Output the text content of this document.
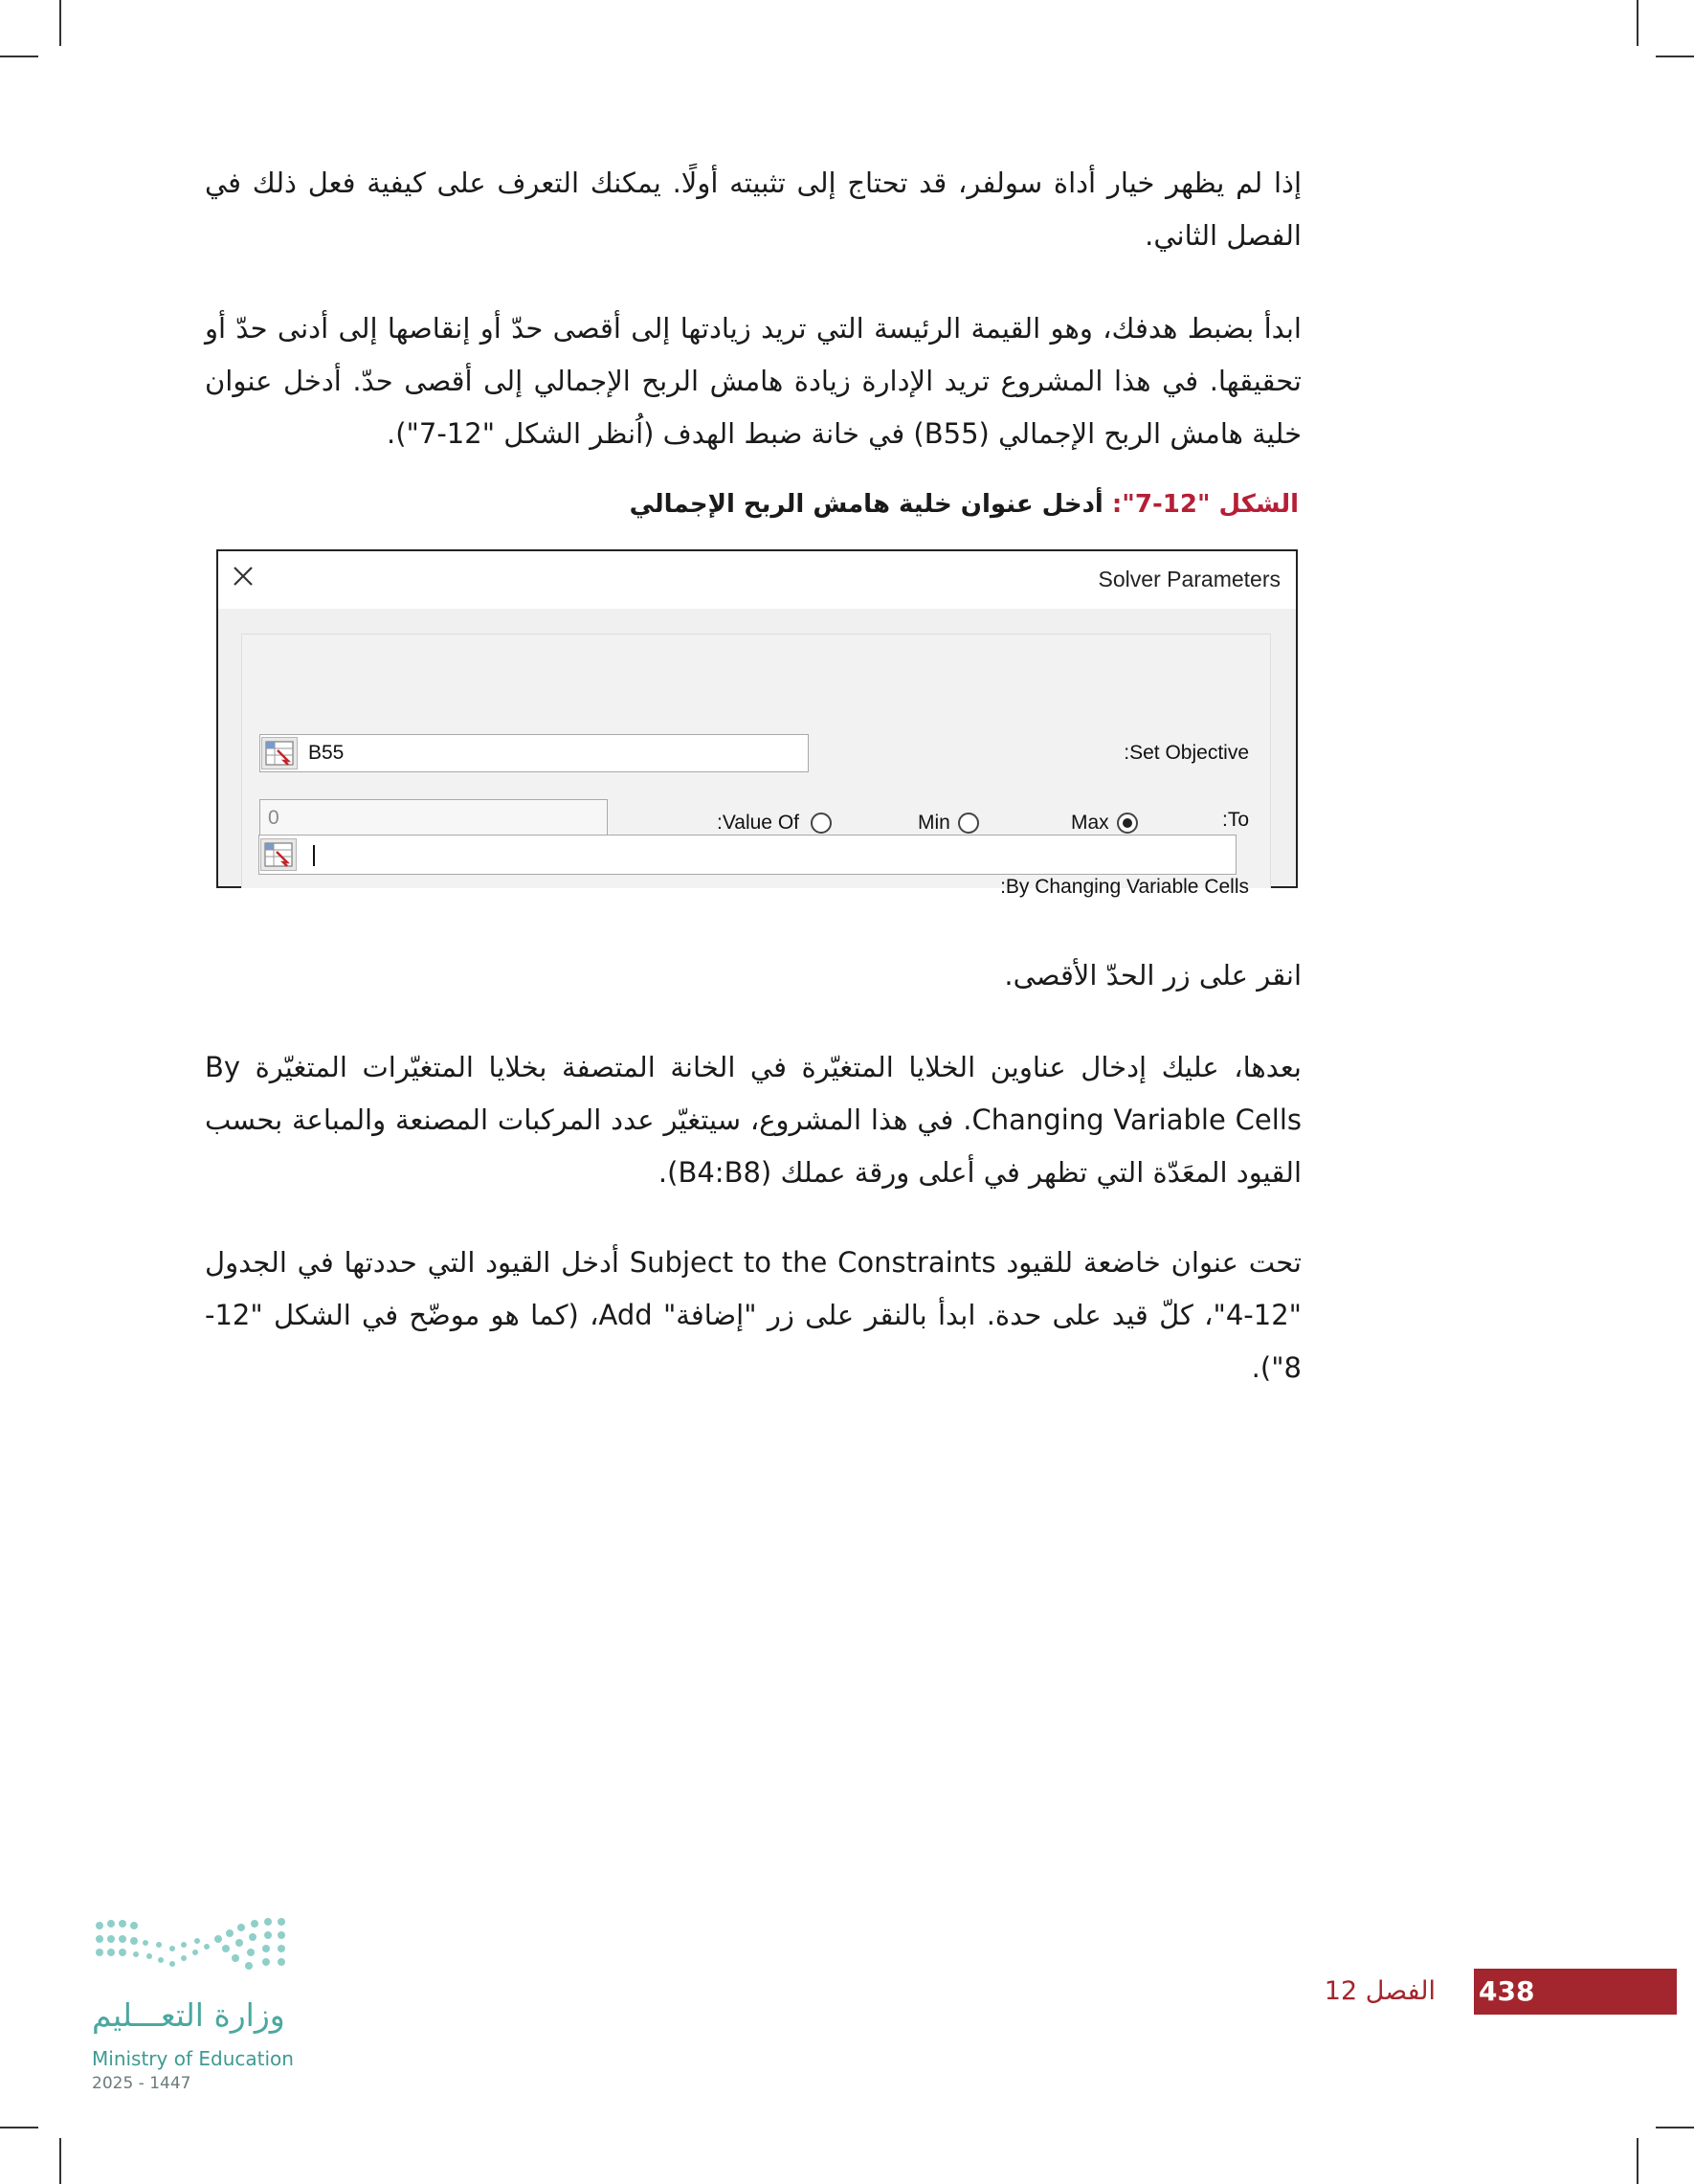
إذا لم يظهر خيار أداة سولفر، قد تحتاج إلى تثبيته أولًا. يمكنك التعرف على كيفية فعل ذلك في الفصل الثاني.

ابدأ بضبط هدفك، وهو القيمة الرئيسة التي تريد زيادتها إلى أقصى حدّ أو إنقاصها إلى أدنى حدّ أو تحقيقها. في هذا المشروع تريد الإدارة زيادة هامش الربح الإجمالي إلى أقصى حدّ. أدخل عنوان خلية هامش الربح الإجمالي (B55) في خانة ضبط الهدف (اُنظر الشكل "12-7").

الشكل "12-7": أدخل عنوان خلية هامش الربح الإجمالي
Solver Parameters
B55	:Set Objective
0	:Value Of	Min	Max	:To
:By Changing Variable Cells

انقر على زر الحدّ الأقصى.

بعدها، عليك إدخال عناوين الخلايا المتغيّرة في الخانة المتصفة بخلايا المتغيّرات المتغيّرة By Changing Variable Cells. في هذا المشروع، سيتغيّر عدد المركبات المصنعة والمباعة بحسب القيود المعَدّة التي تظهر في أعلى ورقة عملك (B4:B8).

تحت عنوان خاضعة للقيود Subject to the Constraints أدخل القيود التي حددتها في الجدول "12-4"، كلّ قيد على حدة. ابدأ بالنقر على زر "إضافة" Add، (كما هو موضّح في الشكل "12-8").

وزارة التعـــليم
Ministry of Education
2025 - 1447
438
الفصل 12
